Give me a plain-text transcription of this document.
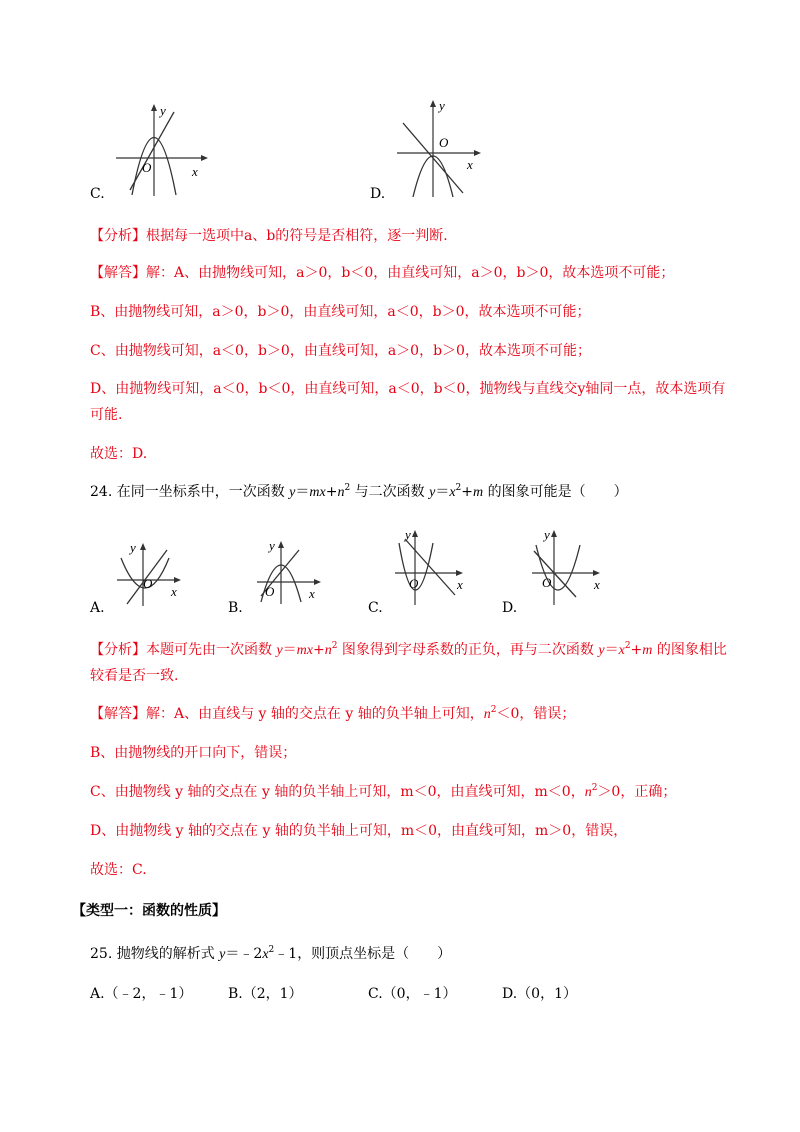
y
x
O
C.
y
x
O
D.
【分析】根据每一选项中a、b的符号是否相符，逐一判断.
【解答】解：A、由抛物线可知，a＞0，b＜0，由直线可知，a＞0，b＞0，故本选项不可能；
B、由抛物线可知，a＞0，b＞0，由直线可知，a＜0，b＞0，故本选项不可能；
C、由抛物线可知，a＜0，b＞0，由直线可知，a＞0，b＞0，故本选项不可能；
D、由抛物线可知，a＜0，b＜0，由直线可知，a＜0，b＜0，抛物线与直线交y轴同一点，故本选项有
可能.
故选：D.
24. 在同一坐标系中，一次函数 $y=mx+n^2$ 与二次函数 $y=x^2+m$ 的图象可能是（　　）
y
x
O
A.
y
x
O
B.
y
x
O
C.
y
x
O
D.
【分析】本题可先由一次函数 $y=mx+n^2$ 图象得到字母系数的正负，再与二次函数 $y=x^2+m$ 的图象相比
较看是否一致.
【解答】解：A、由直线与 y 轴的交点在 y 轴的负半轴上可知，$n^2<0$，错误；
B、由抛物线的开口向下，错误；
C、由抛物线 y 轴的交点在 y 轴的负半轴上可知，m＜0，由直线可知，m＜0，$n^2>0$，正确；
D、由抛物线 y 轴的交点在 y 轴的负半轴上可知，m＜0，由直线可知，m＞0，错误，
故选：C.
【类型一：函数的性质】
25. 抛物线的解析式 $y=﹣2x^2﹣1$，则顶点坐标是（　　）
A.（﹣2，﹣1）	B.（2，1）	C.（0，﹣1）	D.（0，1）
